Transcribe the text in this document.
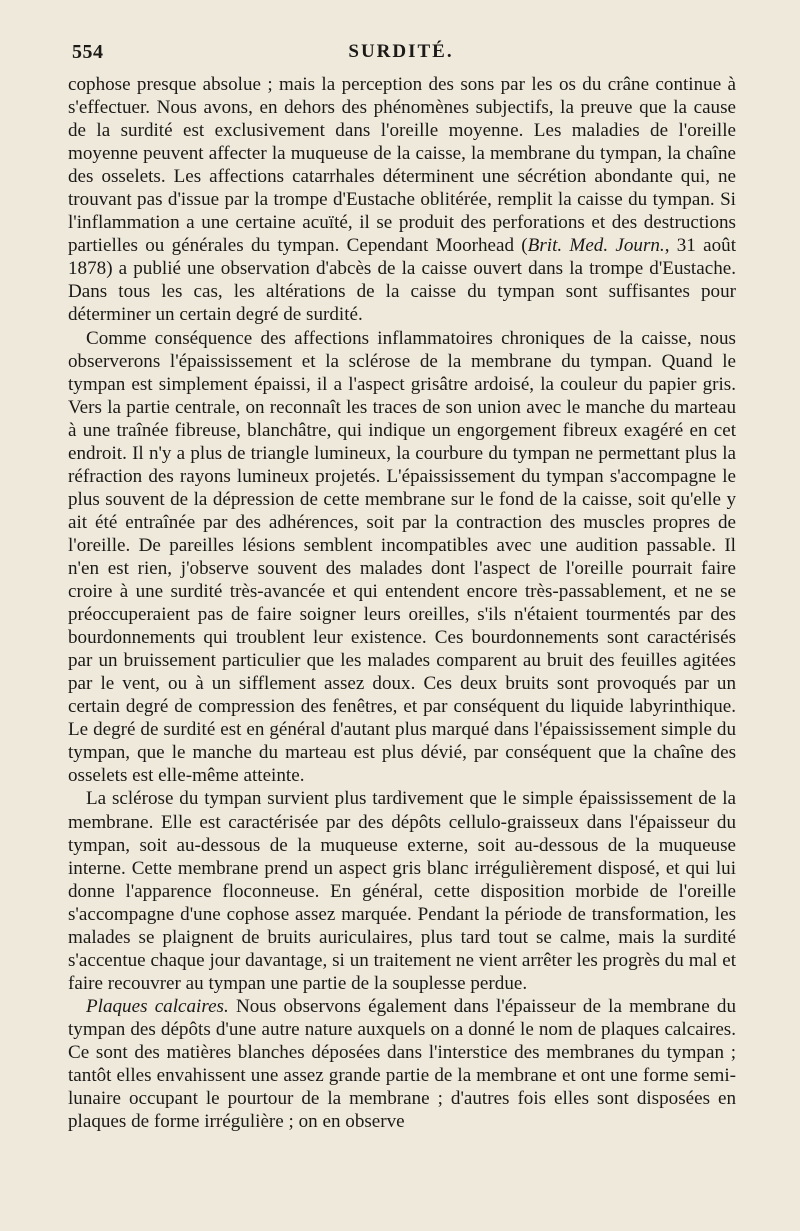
554	SURDITÉ.

cophose presque absolue ; mais la perception des sons par les os du crâne continue à s'effectuer. Nous avons, en dehors des phénomènes subjectifs, la preuve que la cause de la surdité est exclusivement dans l'oreille moyenne. Les maladies de l'oreille moyenne peuvent affecter la muqueuse de la caisse, la membrane du tympan, la chaîne des osselets. Les affections catarrhales déterminent une sécrétion abondante qui, ne trouvant pas d'issue par la trompe d'Eustache oblitérée, remplit la caisse du tympan. Si l'inflammation a une certaine acuïté, il se produit des perforations et des destructions partielles ou générales du tympan. Cependant Moorhead (Brit. Med. Journ., 31 août 1878) a publié une observation d'abcès de la caisse ouvert dans la trompe d'Eustache. Dans tous les cas, les altérations de la caisse du tympan sont suffisantes pour déterminer un certain degré de surdité.

Comme conséquence des affections inflammatoires chroniques de la caisse, nous observerons l'épaississement et la sclérose de la membrane du tympan. Quand le tympan est simplement épaissi, il a l'aspect grisâtre ardoisé, la couleur du papier gris. Vers la partie centrale, on reconnaît les traces de son union avec le manche du marteau à une traînée fibreuse, blanchâtre, qui indique un engorgement fibreux exagéré en cet endroit. Il n'y a plus de triangle lumineux, la courbure du tympan ne permettant plus la réfraction des rayons lumineux projetés. L'épaississement du tympan s'accompagne le plus souvent de la dépression de cette membrane sur le fond de la caisse, soit qu'elle y ait été entraînée par des adhérences, soit par la contraction des muscles propres de l'oreille. De pareilles lésions semblent incompatibles avec une audition passable. Il n'en est rien, j'observe souvent des malades dont l'aspect de l'oreille pourrait faire croire à une surdité très-avancée et qui entendent encore très-passablement, et ne se préoccuperaient pas de faire soigner leurs oreilles, s'ils n'étaient tourmentés par des bourdonnements qui troublent leur existence. Ces bourdonnements sont caractérisés par un bruissement particulier que les malades comparent au bruit des feuilles agitées par le vent, ou à un sifflement assez doux. Ces deux bruits sont provoqués par un certain degré de compression des fenêtres, et par conséquent du liquide labyrinthique. Le degré de surdité est en général d'autant plus marqué dans l'épaississement simple du tympan, que le manche du marteau est plus dévié, par conséquent que la chaîne des osselets est elle-même atteinte.

La sclérose du tympan survient plus tardivement que le simple épaississement de la membrane. Elle est caractérisée par des dépôts cellulo-graisseux dans l'épaisseur du tympan, soit au-dessous de la muqueuse externe, soit au-dessous de la muqueuse interne. Cette membrane prend un aspect gris blanc irrégulièrement disposé, et qui lui donne l'apparence floconneuse. En général, cette disposition morbide de l'oreille s'accompagne d'une cophose assez marquée. Pendant la période de transformation, les malades se plaignent de bruits auriculaires, plus tard tout se calme, mais la surdité s'accentue chaque jour davantage, si un traitement ne vient arrêter les progrès du mal et faire recouvrer au tympan une partie de la souplesse perdue.

Plaques calcaires. Nous observons également dans l'épaisseur de la membrane du tympan des dépôts d'une autre nature auxquels on a donné le nom de plaques calcaires. Ce sont des matières blanches déposées dans l'interstice des membranes du tympan ; tantôt elles envahissent une assez grande partie de la membrane et ont une forme semi-lunaire occupant le pourtour de la membrane ; d'autres fois elles sont disposées en plaques de forme irrégulière ; on en observe
